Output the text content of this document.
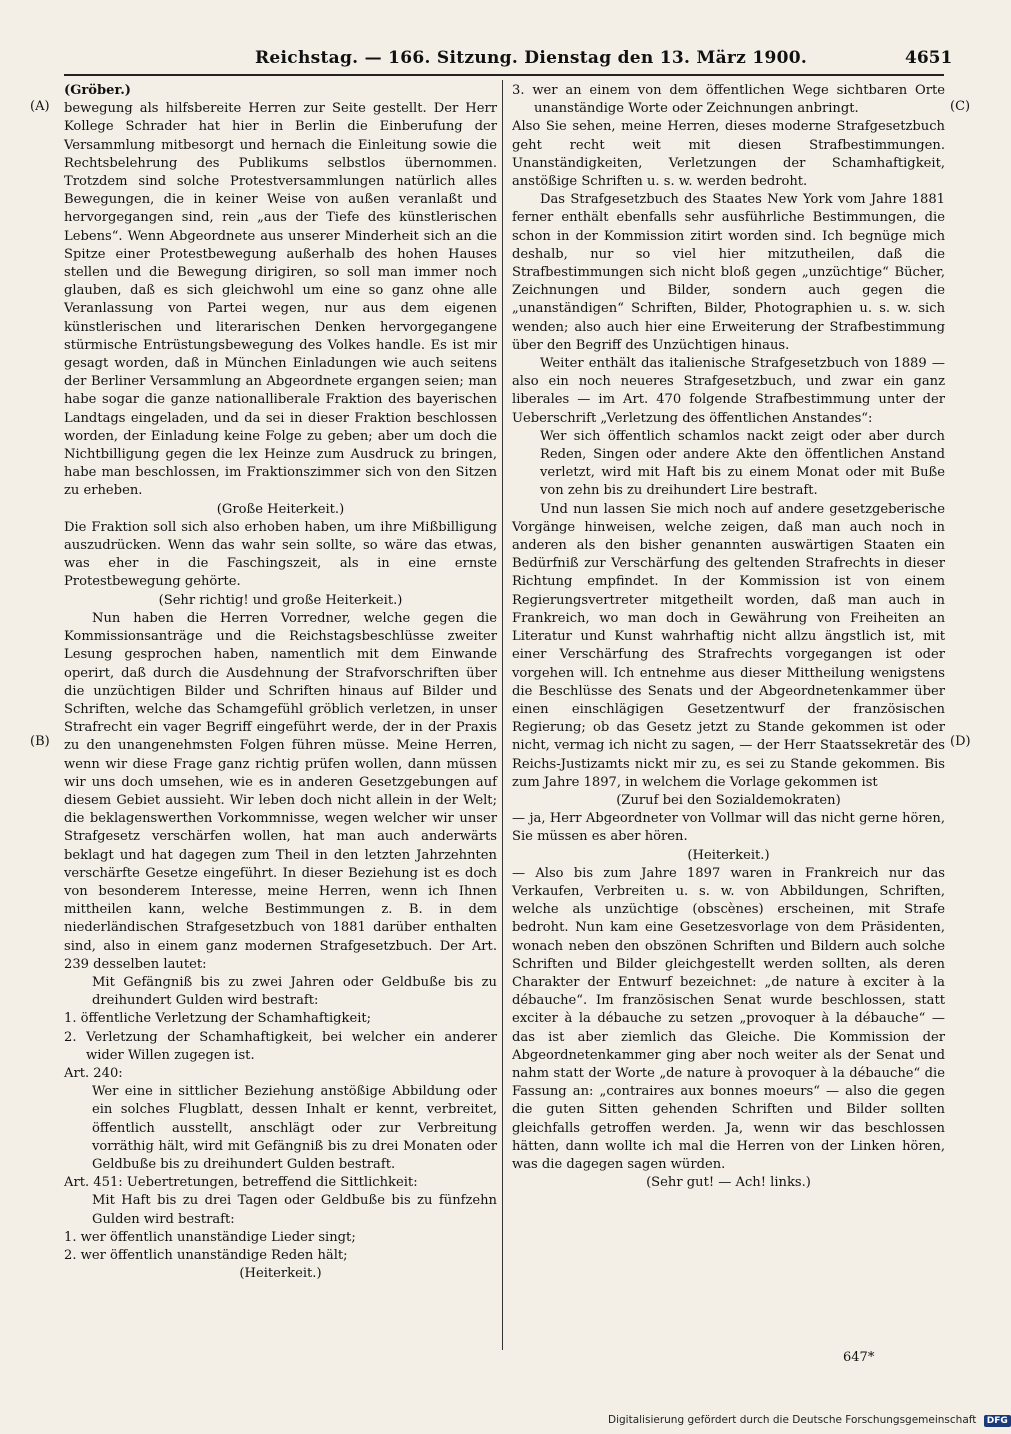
Reichstag. — 166. Sitzung. Dienstag den 13. März 1900.	4651
(A)
(B)
(C)
(D)

(Gröber.)

bewegung als hilfsbereite Herren zur Seite gestellt. Der Herr Kollege Schrader hat hier in Berlin die Einberufung der Versammlung mitbesorgt und hernach die Einleitung sowie die Rechtsbelehrung des Publikums selbstlos übernommen. Trotzdem sind solche Protestversammlungen natürlich alles Bewegungen, die in keiner Weise von außen veranlaßt und hervorgegangen sind, rein „aus der Tiefe des künstlerischen Lebens“. Wenn Abgeordnete aus unserer Minderheit sich an die Spitze einer Protestbewegung außerhalb des hohen Hauses stellen und die Bewegung dirigiren, so soll man immer noch glauben, daß es sich gleichwohl um eine so ganz ohne alle Veranlassung von Partei wegen, nur aus dem eigenen künstlerischen und literarischen Denken hervorgegangene stürmische Entrüstungsbewegung des Volkes handle. Es ist mir gesagt worden, daß in München Einladungen wie auch seitens der Berliner Versammlung an Abgeordnete ergangen seien; man habe sogar die ganze nationalliberale Fraktion des bayerischen Landtags eingeladen, und da sei in dieser Fraktion beschlossen worden, der Einladung keine Folge zu geben; aber um doch die Nichtbilligung gegen die lex Heinze zum Ausdruck zu bringen, habe man beschlossen, im Fraktionszimmer sich von den Sitzen zu erheben.

(Große Heiterkeit.)

Die Fraktion soll sich also erhoben haben, um ihre Mißbilligung auszudrücken. Wenn das wahr sein sollte, so wäre das etwas, was eher in die Faschingszeit, als in eine ernste Protestbewegung gehörte.

(Sehr richtig! und große Heiterkeit.)

Nun haben die Herren Vorredner, welche gegen die Kommissionsanträge und die Reichstagsbeschlüsse zweiter Lesung gesprochen haben, namentlich mit dem Einwande operirt, daß durch die Ausdehnung der Strafvorschriften über die unzüchtigen Bilder und Schriften hinaus auf Bilder und Schriften, welche das Schamgefühl gröblich verletzen, in unser Strafrecht ein vager Begriff eingeführt werde, der in der Praxis zu den unangenehmsten Folgen führen müsse. Meine Herren, wenn wir diese Frage ganz richtig prüfen wollen, dann müssen wir uns doch umsehen, wie es in anderen Gesetzgebungen auf diesem Gebiet aussieht. Wir leben doch nicht allein in der Welt; die beklagenswerthen Vorkommnisse, wegen welcher wir unser Strafgesetz verschärfen wollen, hat man auch anderwärts beklagt und hat dagegen zum Theil in den letzten Jahrzehnten verschärfte Gesetze eingeführt. In dieser Beziehung ist es doch von besonderem Interesse, meine Herren, wenn ich Ihnen mittheilen kann, welche Bestimmungen z. B. in dem niederländischen Strafgesetzbuch von 1881 darüber enthalten sind, also in einem ganz modernen Strafgesetzbuch. Der Art. 239 desselben lautet:

Mit Gefängniß bis zu zwei Jahren oder Geldbuße bis zu dreihundert Gulden wird bestraft:

1. öffentliche Verletzung der Schamhaftigkeit;

2. Verletzung der Schamhaftigkeit, bei welcher ein anderer wider Willen zugegen ist.

Art. 240:

Wer eine in sittlicher Beziehung anstößige Abbildung oder ein solches Flugblatt, dessen Inhalt er kennt, verbreitet, öffentlich ausstellt, anschlägt oder zur Verbreitung vorräthig hält, wird mit Gefängniß bis zu drei Monaten oder Geldbuße bis zu dreihundert Gulden bestraft.

Art. 451: Uebertretungen, betreffend die Sittlichkeit:

Mit Haft bis zu drei Tagen oder Geldbuße bis zu fünfzehn Gulden wird bestraft:

1. wer öffentlich unanständige Lieder singt;

2. wer öffentlich unanständige Reden hält;

(Heiterkeit.)

3. wer an einem von dem öffentlichen Wege sichtbaren Orte unanständige Worte oder Zeichnungen anbringt.

Also Sie sehen, meine Herren, dieses moderne Strafgesetzbuch geht recht weit mit diesen Strafbestimmungen. Unanständigkeiten, Verletzungen der Schamhaftigkeit, anstößige Schriften u. s. w. werden bedroht.

Das Strafgesetzbuch des Staates New York vom Jahre 1881 ferner enthält ebenfalls sehr ausführliche Bestimmungen, die schon in der Kommission zitirt worden sind. Ich begnüge mich deshalb, nur so viel hier mitzutheilen, daß die Strafbestimmungen sich nicht bloß gegen „unzüchtige“ Bücher, Zeichnungen und Bilder, sondern auch gegen die „unanständigen“ Schriften, Bilder, Photographien u. s. w. sich wenden; also auch hier eine Erweiterung der Strafbestimmung über den Begriff des Unzüchtigen hinaus.

Weiter enthält das italienische Strafgesetzbuch von 1889 — also ein noch neueres Strafgesetzbuch, und zwar ein ganz liberales — im Art. 470 folgende Strafbestimmung unter der Ueberschrift „Verletzung des öffentlichen Anstandes“:

Wer sich öffentlich schamlos nackt zeigt oder aber durch Reden, Singen oder andere Akte den öffentlichen Anstand verletzt, wird mit Haft bis zu einem Monat oder mit Buße von zehn bis zu dreihundert Lire bestraft.

Und nun lassen Sie mich noch auf andere gesetzgeberische Vorgänge hinweisen, welche zeigen, daß man auch noch in anderen als den bisher genannten auswärtigen Staaten ein Bedürfniß zur Verschärfung des geltenden Strafrechts in dieser Richtung empfindet. In der Kommission ist von einem Regierungsvertreter mitgetheilt worden, daß man auch in Frankreich, wo man doch in Gewährung von Freiheiten an Literatur und Kunst wahrhaftig nicht allzu ängstlich ist, mit einer Verschärfung des Strafrechts vorgegangen ist oder vorgehen will. Ich entnehme aus dieser Mittheilung wenigstens die Beschlüsse des Senats und der Abgeordnetenkammer über einen einschlägigen Gesetzentwurf der französischen Regierung; ob das Gesetz jetzt zu Stande gekommen ist oder nicht, vermag ich nicht zu sagen, — der Herr Staatssekretär des Reichs-Justizamts nickt mir zu, es sei zu Stande gekommen. Bis zum Jahre 1897, in welchem die Vorlage gekommen ist

(Zuruf bei den Sozialdemokraten)

— ja, Herr Abgeordneter von Vollmar will das nicht gerne hören, Sie müssen es aber hören.

(Heiterkeit.)

— Also bis zum Jahre 1897 waren in Frankreich nur das Verkaufen, Verbreiten u. s. w. von Abbildungen, Schriften, welche als unzüchtige (obscènes) erscheinen, mit Strafe bedroht. Nun kam eine Gesetzesvorlage von dem Präsidenten, wonach neben den obszönen Schriften und Bildern auch solche Schriften und Bilder gleichgestellt werden sollten, als deren Charakter der Entwurf bezeichnet: „de nature à exciter à la débauche“. Im französischen Senat wurde beschlossen, statt exciter à la débauche zu setzen „provoquer à la débauche“ — das ist aber ziemlich das Gleiche. Die Kommission der Abgeordnetenkammer ging aber noch weiter als der Senat und nahm statt der Worte „de nature à provoquer à la débauche“ die Fassung an: „contraires aux bonnes moeurs“ — also die gegen die guten Sitten gehenden Schriften und Bilder sollten gleichfalls getroffen werden. Ja, wenn wir das beschlossen hätten, dann wollte ich mal die Herren von der Linken hören, was die dagegen sagen würden.

(Sehr gut! — Ach! links.)

647*
Digitalisierung gefördert durch die Deutsche Forschungsgemeinschaft DFG
